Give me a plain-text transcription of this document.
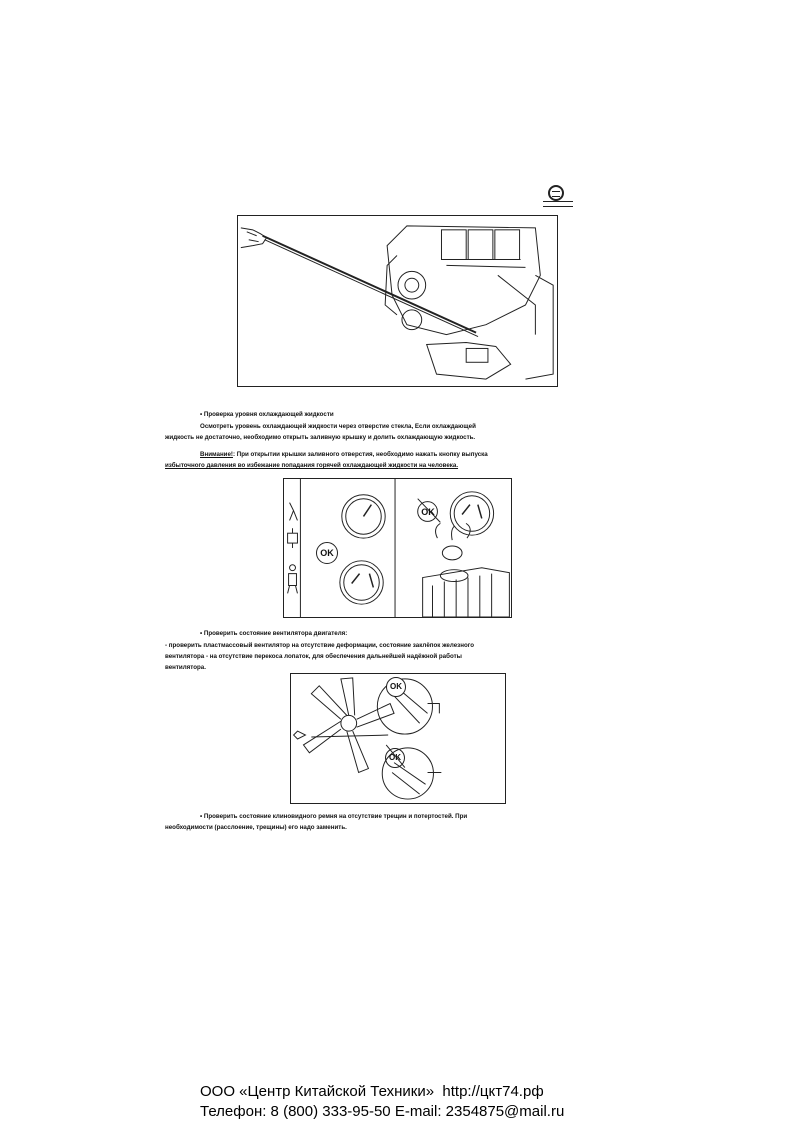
• Проверка уровня охлаждающей жидкости
Осмотреть уровень охлаждающей жидкости через отверстие стекла, Если охлаждающей
жидкость не достаточно, необходимо открыть заливную крышку и долить охлаждающую жидкость.
Внимание!: При открытии крышки заливного отверстия, необходимо нажать кнопку выпуска
избыточного давления во избежание попадания горячей охлаждающей жидкости на человека.
OK
OK
• Проверить состояние вентилятора двигателя:
- проверить пластмассовый вентилятор на отсутствие деформации, состояние заклёпок железного
вентилятора - на отсутствие перекоса лопаток, для обеспечения дальнейшей надёжной работы
вентилятора.
OK
OK
• Проверить состояние клиновидного ремня на отсутствие трещин и потертостей. При
необходимости (расслоение, трещины) его надо заменить.
ООО «Центр Китайской Техники» http://цкт74.рф
Телефон: 8 (800) 333-95-50 E-mail: 2354875@mail.ru
